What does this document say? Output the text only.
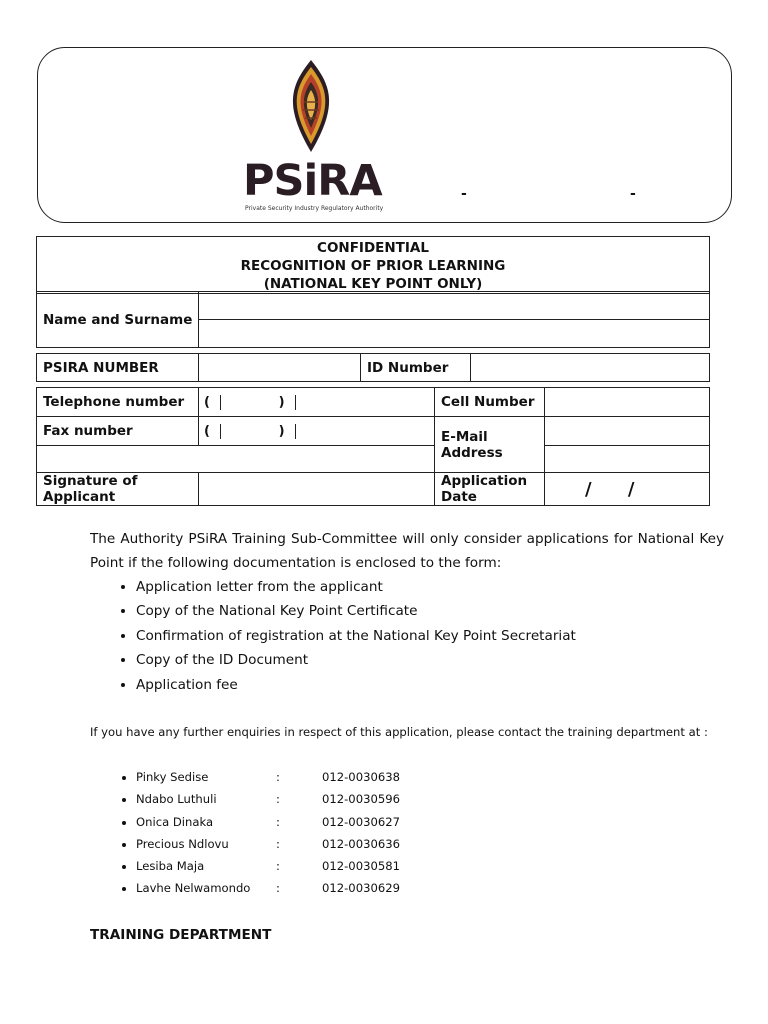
PSiRA
Private Security Industry Regulatory Authority
-	-
CONFIDENTIAL
RECOGNITION OF PRIOR LEARNING
(NATIONAL KEY POINT ONLY)
Name and Surname	

PSIRA NUMBER		ID Number	
Telephone number	( )	Cell Number	

Fax number	( )	E-Mail Address	

Signature of Applicant		Application Date	/ /
The Authority PSiRA Training Sub-Committee will only consider applications for National Key Point if the following documentation is enclosed to the form:
• Application letter from the applicant
• Copy of the National Key Point Certificate
• Confirmation of registration at the National Key Point Secretariat
• Copy of the ID Document
• Application fee
If you have any further enquiries in respect of this application, please contact the training department at :
• Pinky Sedise	:	012-0030638
• Ndabo Luthuli	:	012-0030596
• Onica Dinaka	:	012-0030627
• Precious Ndlovu	:	012-0030636
• Lesiba Maja	:	012-0030581
• Lavhe Nelwamondo :	012-0030629
TRAINING DEPARTMENT
